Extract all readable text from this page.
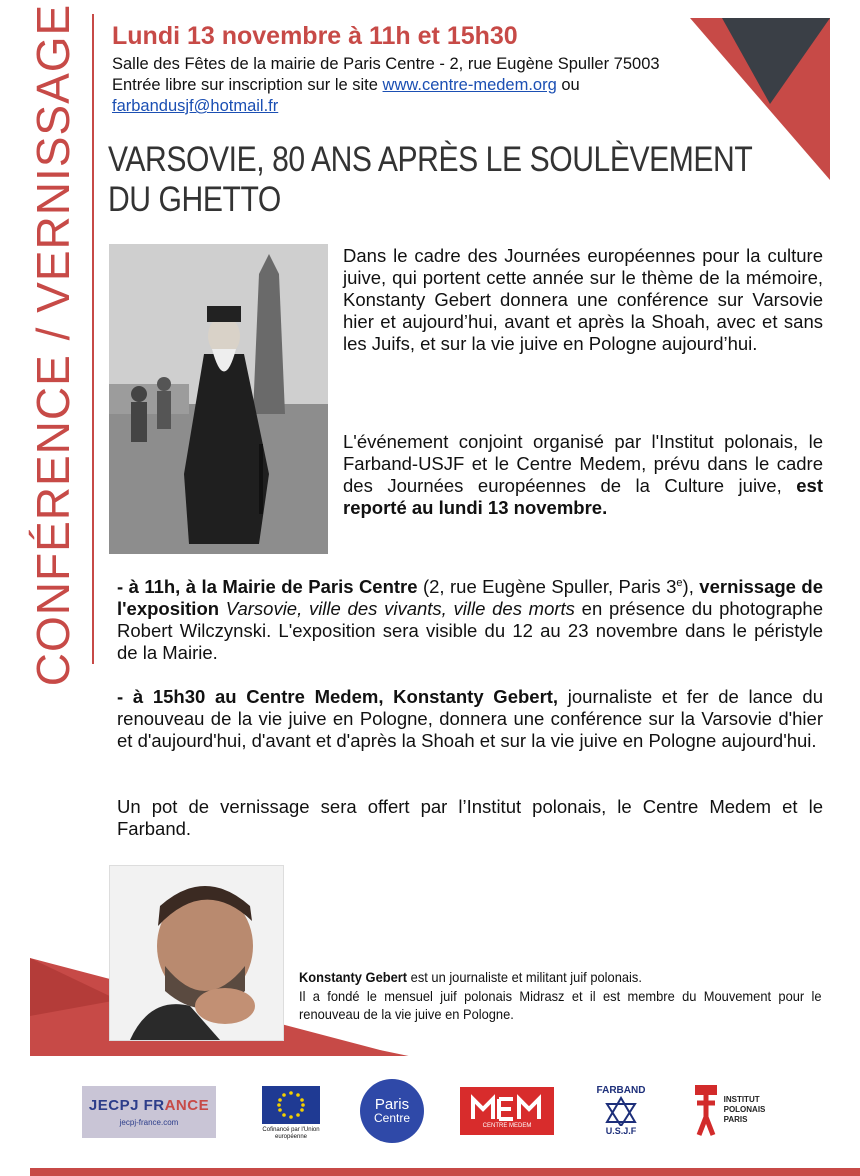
CONFÉRENCE / VERNISSAGE Lundi 13 novembre à 11h et 15h30
Salle des Fêtes de la mairie de Paris Centre - 2, rue Eugène Spuller 75003
Entrée libre sur inscription sur le site www.centre-medem.org ou
farbandusjf@hotmail.fr
VARSOVIE, 80 ANS APRÈS LE SOULÈVEMENT
DU GHETTO
Dans le cadre des Journées européennes pour la culture juive, qui portent cette année sur le thème de la mémoire, Konstanty Gebert donnera une conférence sur Varsovie hier et aujourd’hui, avant et après la Shoah, avec et sans les Juifs, et sur la vie juive en Pologne aujourd’hui.
L'événement conjoint organisé par l'Institut polonais, le Farband-USJF et le Centre Medem, prévu dans le cadre des Journées européennes de la Culture juive, est reporté au lundi 13 novembre.
- à 11h, à la Mairie de Paris Centre (2, rue Eugène Spuller, Paris 3e), vernissage de l'exposition Varsovie, ville des vivants, ville des morts en présence du photographe Robert Wilczynski. L'exposition sera visible du 12 au 23 novembre dans le péristyle de la Mairie.
- à 15h30 au Centre Medem, Konstanty Gebert, journaliste et fer de lance du renouveau de la vie juive en Pologne, donnera une conférence sur la Varsovie d'hier et d'aujourd'hui, d'avant et d'après la Shoah et sur la vie juive en Pologne aujourd'hui.
Un pot de vernissage sera offert par l’Institut polonais, le Centre Medem et le Farband.
Konstanty Gebert est un journaliste et militant juif polonais.
Il a fondé le mensuel juif polonais Midrasz et il est membre du Mouvement pour le renouveau de la vie juive en Pologne.
JECPJ FRANCE
jecpj-france.com
Cofinancé par l'Union européenne
Paris
Centre
CENTRE MEDEM
FARBAND
U.S.J.F
INSTITUT
POLONAIS
PARIS
